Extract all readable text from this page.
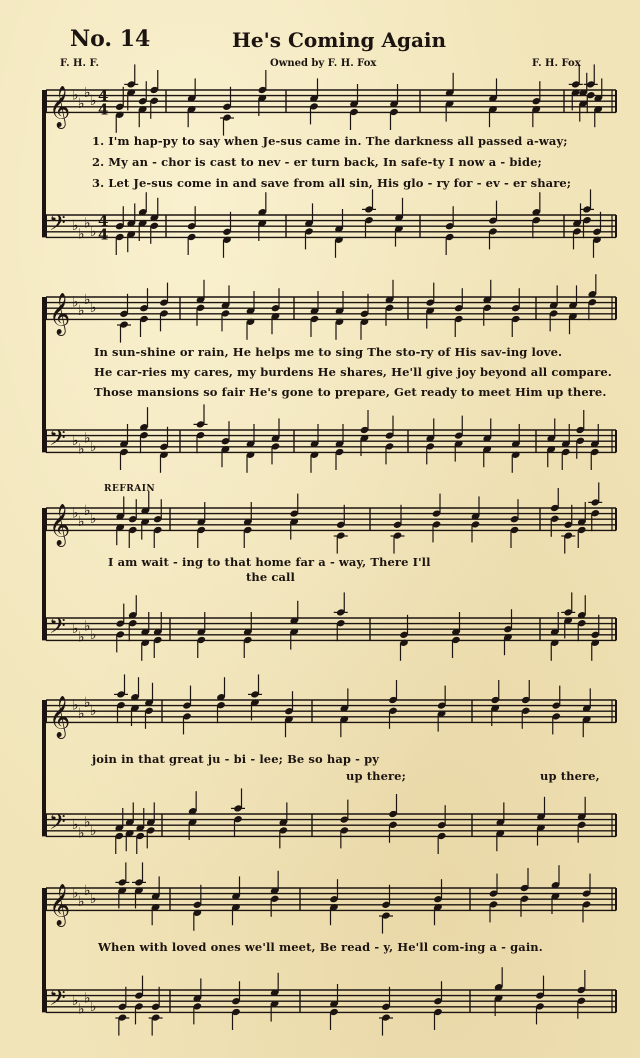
No. 14	He's Coming Again
F. H. F.	Owned by F. H. Fox	F. H. Fox
𝄞 ♭
♭
♭
♭
𝄢 ♭
♭
♭
♭
4
4
4
4
𝄞 ♭
♭
♭
♭
𝄢 ♭
♭
♭
♭
𝄞 ♭
♭
♭
♭
𝄢 ♭
♭
♭
♭
𝄞 ♭
♭
♭
♭
𝄢 ♭
♭
♭
♭
𝄞 ♭
♭
♭
♭
𝄢 ♭
♭
♭
♭
1. I'm hap-py to say when Je-sus came in. The darkness all passed a-way;
2. My an - chor is cast to nev - er turn back, In safe-ty I now a - bide;
3. Let Je-sus come in and save from all sin, His glo - ry for - ev - er share;
In sun-shine or rain, He helps me to sing The sto-ry of His sav-ing love.
He car-ries my cares, my burdens He shares, He'll give joy beyond all compare.
Those mansions so fair He's gone to prepare, Get ready to meet Him up there.
REFRAIN
I am wait - ing to that home far a - way, There I'll
the call
join in that great ju - bi - lee; Be so hap - py
up there;	up there,
When with loved ones we'll meet, Be read - y, He'll com-ing a - gain.
